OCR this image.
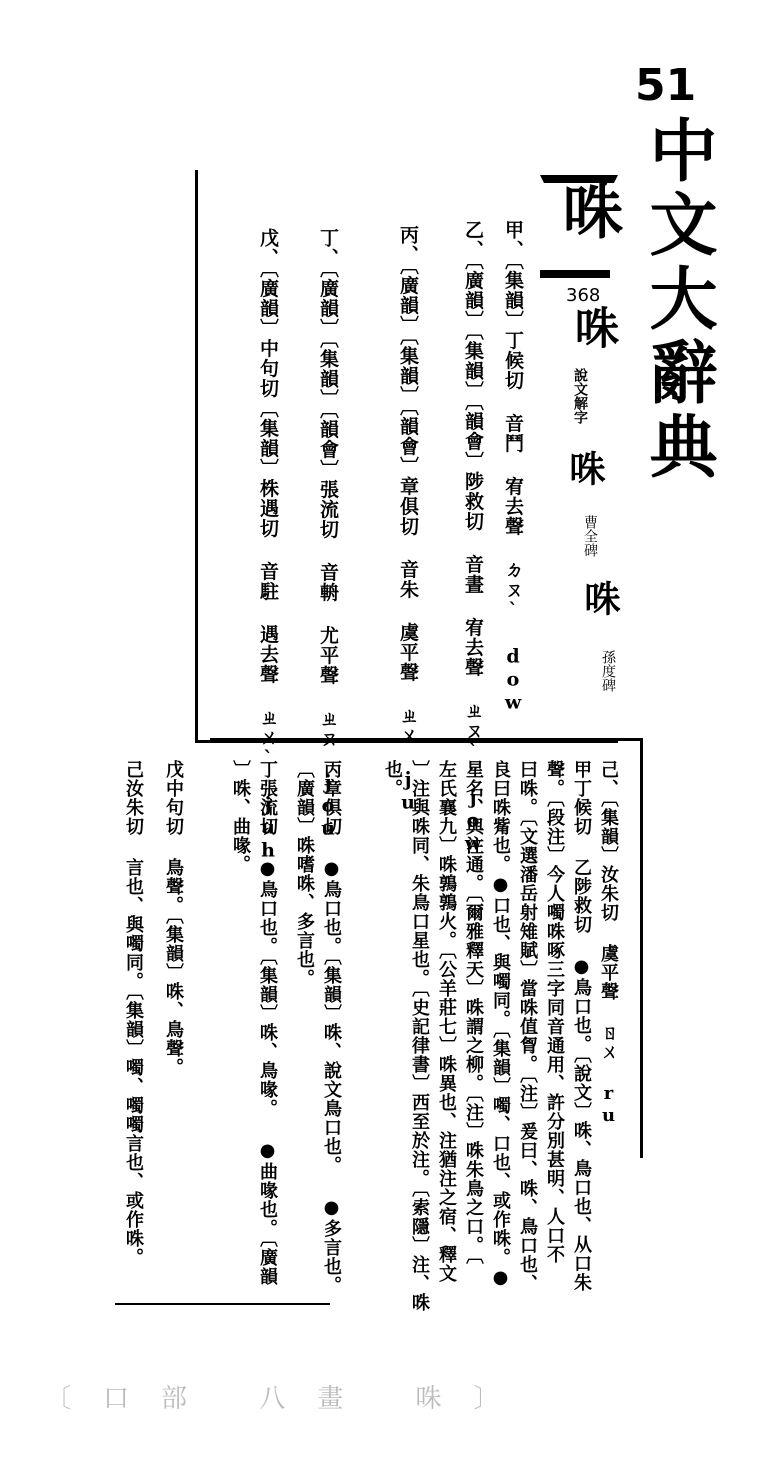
51
中文大辭典
咮
368
咮
說文解字
咮
曹全碑
咮
孫度碑
甲、〔集韻〕丁候切 音鬥 宥去聲 ㄉㄡˋ dow
乙、〔廣韻〕〔集韻〕〔韻會〕陟救切 音晝 宥去聲 ㄓㄡˋ jow
丙、〔廣韻〕〔集韻〕〔韻會〕章俱切 音朱 虞平聲 ㄓㄨ ju
丁、〔廣韻〕〔集韻〕〔韻會〕張流切 音輈 尤平聲 ㄓㄡ jou
戊、〔廣韻〕中句切〔集韻〕株遇切 音駐 遇去聲 ㄓㄨˋ juh
己、〔集韻〕汝朱切 虞平聲 ㄖㄨ ru
甲丁候切 乙陟救切 ●鳥口也。〔說文〕咮、鳥口也、从口朱
聲。〔段注〕今人噣咮啄三字同音通用、許分別甚明、人口不
曰咮。〔文選潘岳射雉賦〕當咮值胷。〔注〕爰曰、咮、鳥口也、
良曰咮觜也。●口也、與噣同。〔集韻〕噣、口也、或作咮。●
星名、與注通。〔爾雅釋天〕咮謂之柳。〔注〕咮朱鳥之口。〔
左氏襄九〕咮鶉鶉火。〔公羊莊七〕咮異也、注猶注之宿、釋文
〕注與咮同、朱鳥口星也。〔史記律書〕西至於注。〔索隱〕注、咮
也。
丙章俱切 ●鳥口也。〔集韻〕咮、說文鳥口也。 ●多言也。
〔廣韻〕咮嗜咮、多言也。
丁張流切 ●鳥口也。〔集韻〕咮、鳥喙。 ●曲喙也。〔廣韻
〕咮、曲喙。
戊中句切 鳥聲。〔集韻〕咮、鳥聲。
己汝朱切 言也、與噣同。〔集韻〕噣、噣噣言也、或作咮。
〔口部 八畫 咮〕
